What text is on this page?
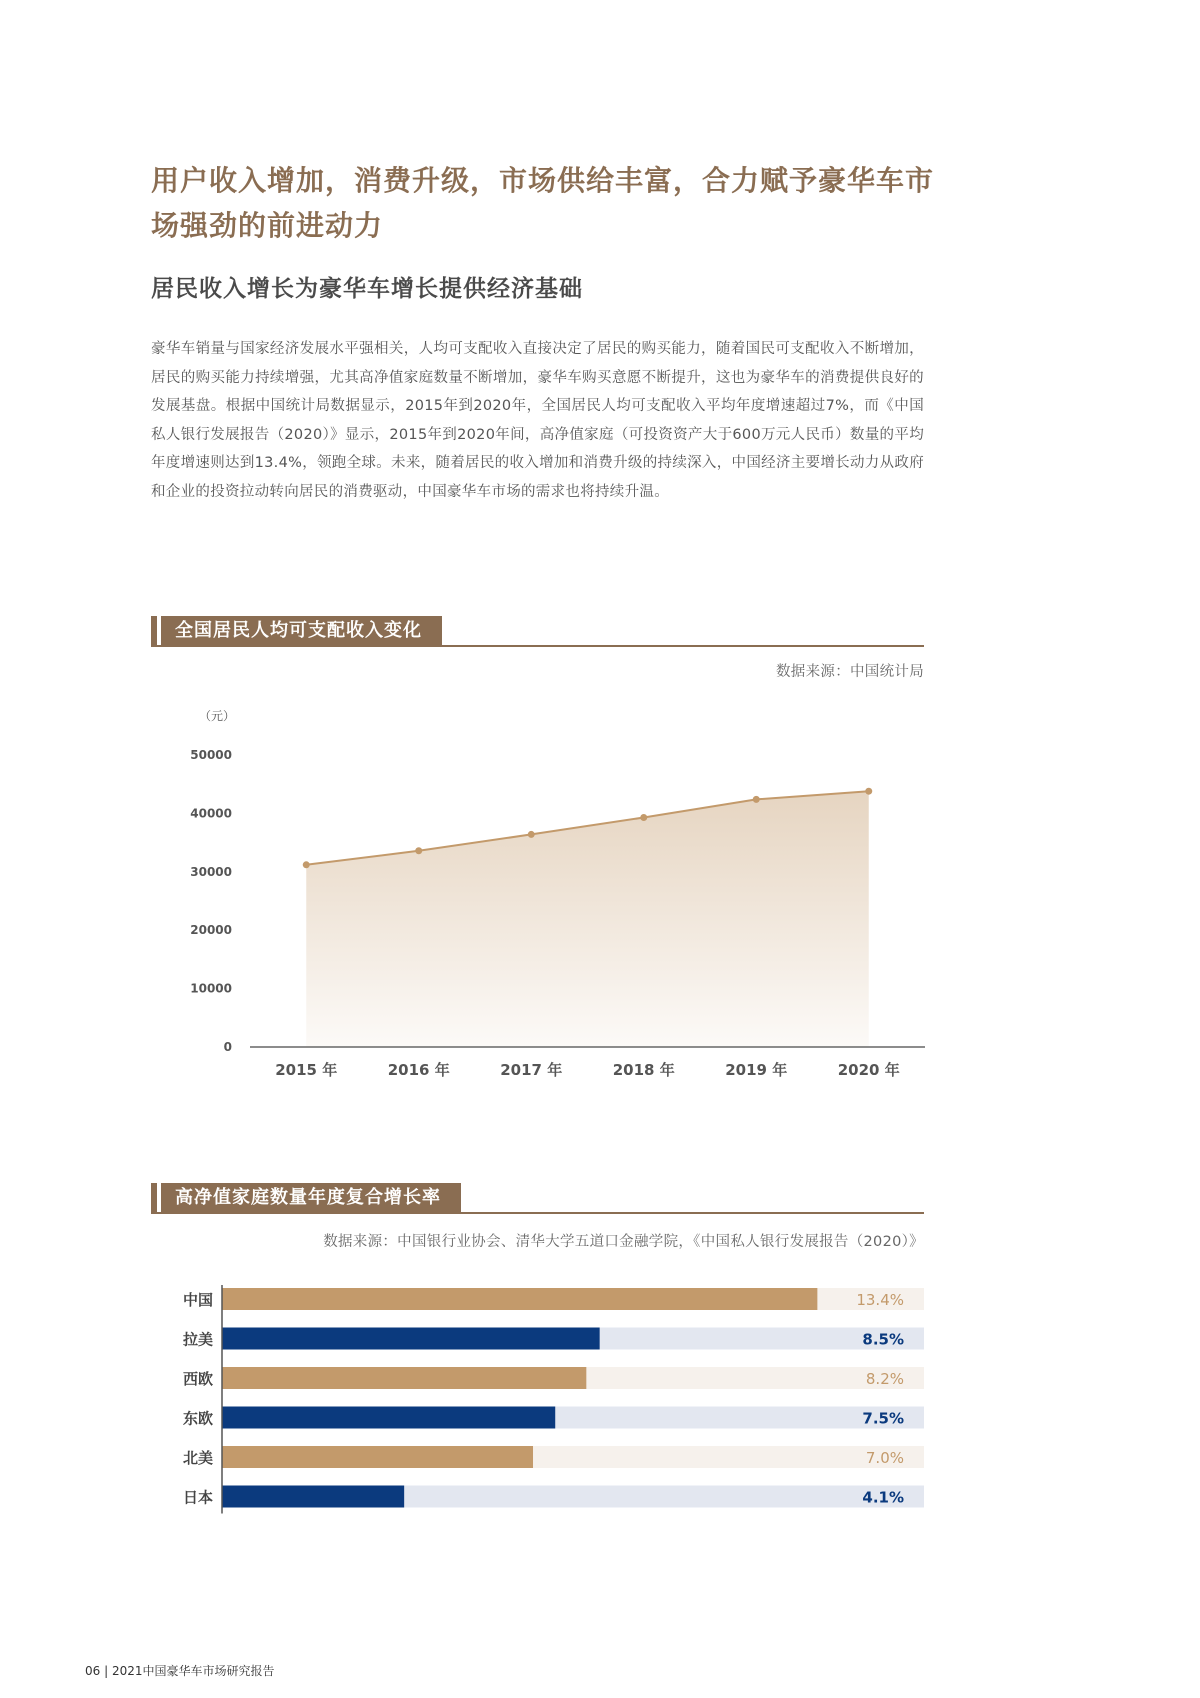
用户收入增加，消费升级，市场供给丰富，合力赋予豪华车市场强劲的前进动力
居民收入增长为豪华车增长提供经济基础
豪华车销量与国家经济发展水平强相关，人均可支配收入直接决定了居民的购买能力，随着国民可支配收入不断增加，居民的购买能力持续增强，尤其高净值家庭数量不断增加，豪华车购买意愿不断提升，这也为豪华车的消费提供良好的发展基盘。根据中国统计局数据显示，2015年到2020年，全国居民人均可支配收入平均年度增速超过7%，而《中国私人银行发展报告（2020）》显示，2015年到2020年间，高净值家庭（可投资资产大于600万元人民币）数量的平均年度增速则达到13.4%，领跑全球。未来，随着居民的收入增加和消费升级的持续深入，中国经济主要增长动力从政府和企业的投资拉动转向居民的消费驱动，中国豪华车市场的需求也将持续升温。
全国居民人均可支配收入变化
数据来源：中国统计局
（元）
0
10000
20000
30000
40000
50000
2015 年	2016 年	2017 年	2018 年	2019 年	2020 年
高净值家庭数量年度复合增长率
数据来源：中国银行业协会、清华大学五道口金融学院，《中国私人银行发展报告（2020）》
中国	13.4%
拉美	8.5%
西欧	8.2%
东欧	7.5%
北美	7.0%
日本	4.1%
06 | 2021中国豪华车市场研究报告
